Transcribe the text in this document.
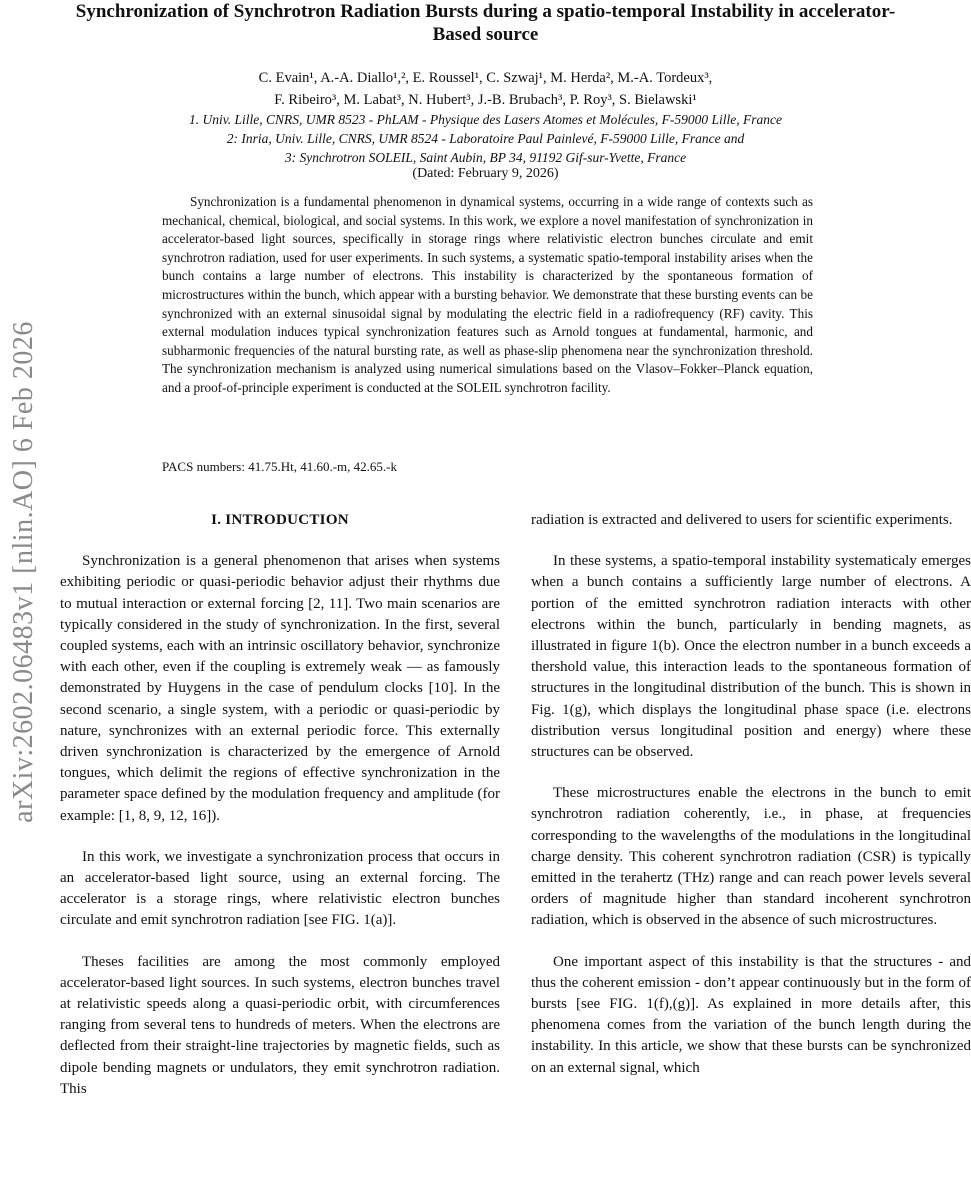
arXiv:2602.06483v1 [nlin.AO] 6 Feb 2026
Synchronization of Synchrotron Radiation Bursts during a spatio-temporal Instability in accelerator-Based source
C. Evain¹, A.-A. Diallo¹,², E. Roussel¹, C. Szwaj¹, M. Herda², M.-A. Tordeux³,
F. Ribeiro³, M. Labat³, N. Hubert³, J.-B. Brubach³, P. Roy³, S. Bielawski¹
1. Univ. Lille, CNRS, UMR 8523 - PhLAM - Physique des Lasers Atomes et Molécules, F-59000 Lille, France
2: Inria, Univ. Lille, CNRS, UMR 8524 - Laboratoire Paul Painlevé, F-59000 Lille, France and
3: Synchrotron SOLEIL, Saint Aubin, BP 34, 91192 Gif-sur-Yvette, France
(Dated: February 9, 2026)
Synchronization is a fundamental phenomenon in dynamical systems, occurring in a wide range of contexts such as mechanical, chemical, biological, and social systems. In this work, we explore a novel manifestation of synchronization in accelerator-based light sources, specifically in storage rings where relativistic electron bunches circulate and emit synchrotron radiation, used for user experiments. In such systems, a systematic spatio-temporal instability arises when the bunch contains a large number of electrons. This instability is characterized by the spontaneous formation of microstructures within the bunch, which appear with a bursting behavior. We demonstrate that these bursting events can be synchronized with an external sinusoidal signal by modulating the electric field in a radiofrequency (RF) cavity. This external modulation induces typical synchronization features such as Arnold tongues at fundamental, harmonic, and subharmonic frequencies of the natural bursting rate, as well as phase-slip phenomena near the synchronization threshold. The synchronization mechanism is analyzed using numerical simulations based on the Vlasov–Fokker–Planck equation, and a proof-of-principle experiment is conducted at the SOLEIL synchrotron facility.
PACS numbers: 41.75.Ht, 41.60.-m, 42.65.-k
I. INTRODUCTION

Synchronization is a general phenomenon that arises when systems exhibiting periodic or quasi-periodic behavior adjust their rhythms due to mutual interaction or external forcing [2, 11]. Two main scenarios are typically considered in the study of synchronization. In the first, several coupled systems, each with an intrinsic oscillatory behavior, synchronize with each other, even if the coupling is extremely weak — as famously demonstrated by Huygens in the case of pendulum clocks [10]. In the second scenario, a single system, with a periodic or quasi-periodic by nature, synchronizes with an external periodic force. This externally driven synchronization is characterized by the emergence of Arnold tongues, which delimit the regions of effective synchronization in the parameter space defined by the modulation frequency and amplitude (for example: [1, 8, 9, 12, 16]).

In this work, we investigate a synchronization process that occurs in an accelerator-based light source, using an external forcing. The accelerator is a storage rings, where relativistic electron bunches circulate and emit synchrotron radiation [see FIG. 1(a)].

Theses facilities are among the most commonly employed accelerator-based light sources. In such systems, electron bunches travel at relativistic speeds along a quasi-periodic orbit, with circumferences ranging from several tens to hundreds of meters. When the electrons are deflected from their straight-line trajectories by magnetic fields, such as dipole bending magnets or undulators, they emit synchrotron radiation. This

radiation is extracted and delivered to users for scientific experiments.

In these systems, a spatio-temporal instability systematicaly emerges when a bunch contains a sufficiently large number of electrons. A portion of the emitted synchrotron radiation interacts with other electrons within the bunch, particularly in bending magnets, as illustrated in figure 1(b). Once the electron number in a bunch exceeds a thershold value, this interaction leads to the spontaneous formation of structures in the longitudinal distribution of the bunch. This is shown in Fig. 1(g), which displays the longitudinal phase space (i.e. electrons distribution versus longitudinal position and energy) where these structures can be observed.

These microstructures enable the electrons in the bunch to emit synchrotron radiation coherently, i.e., in phase, at frequencies corresponding to the wavelengths of the modulations in the longitudinal charge density. This coherent synchrotron radiation (CSR) is typically emitted in the terahertz (THz) range and can reach power levels several orders of magnitude higher than standard incoherent synchrotron radiation, which is observed in the absence of such microstructures.

One important aspect of this instability is that the structures - and thus the coherent emission - don’t appear continuously but in the form of bursts [see FIG. 1(f),(g)]. As explained in more details after, this phenomena comes from the variation of the bunch length during the instability. In this article, we show that these bursts can be synchronized on an external signal, which
